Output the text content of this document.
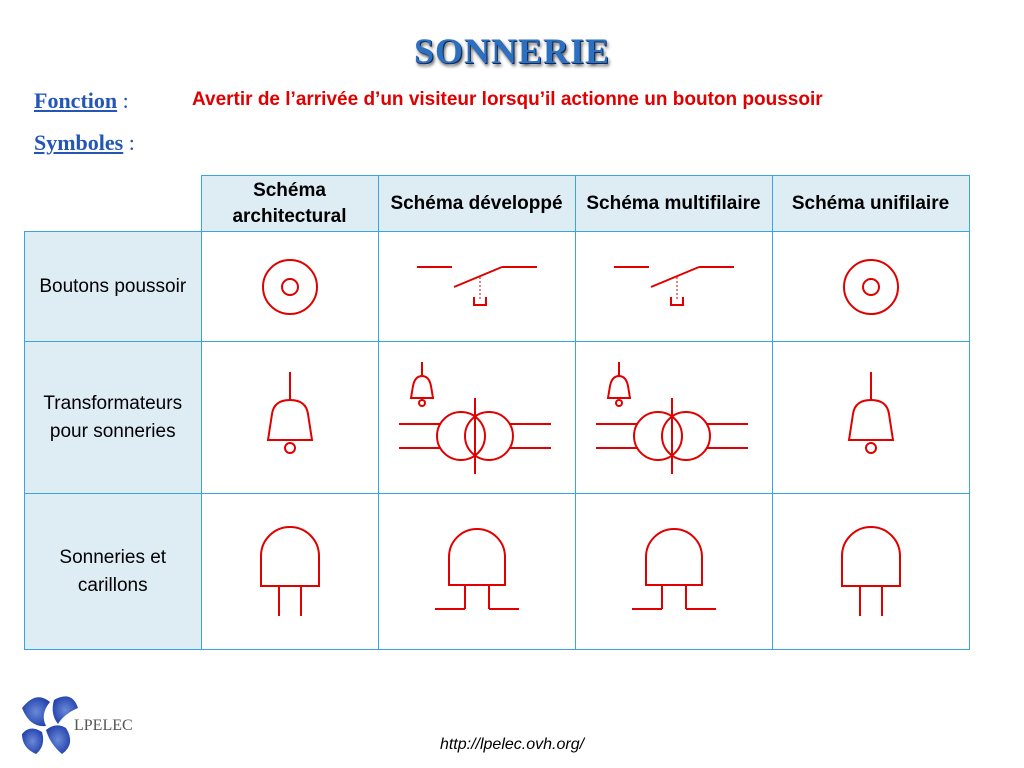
SONNERIE
Fonction :	Avertir de l’arrivée d’un visiteur lorsqu’il actionne un bouton poussoir
Symboles :
	Schéma architectural	Schéma développé	Schéma multifilaire	Schéma unifilaire
Boutons poussoir	

Transformateurs pour sonneries	

Sonneries et carillons	

LPELEC
http://lpelec.ovh.org/
